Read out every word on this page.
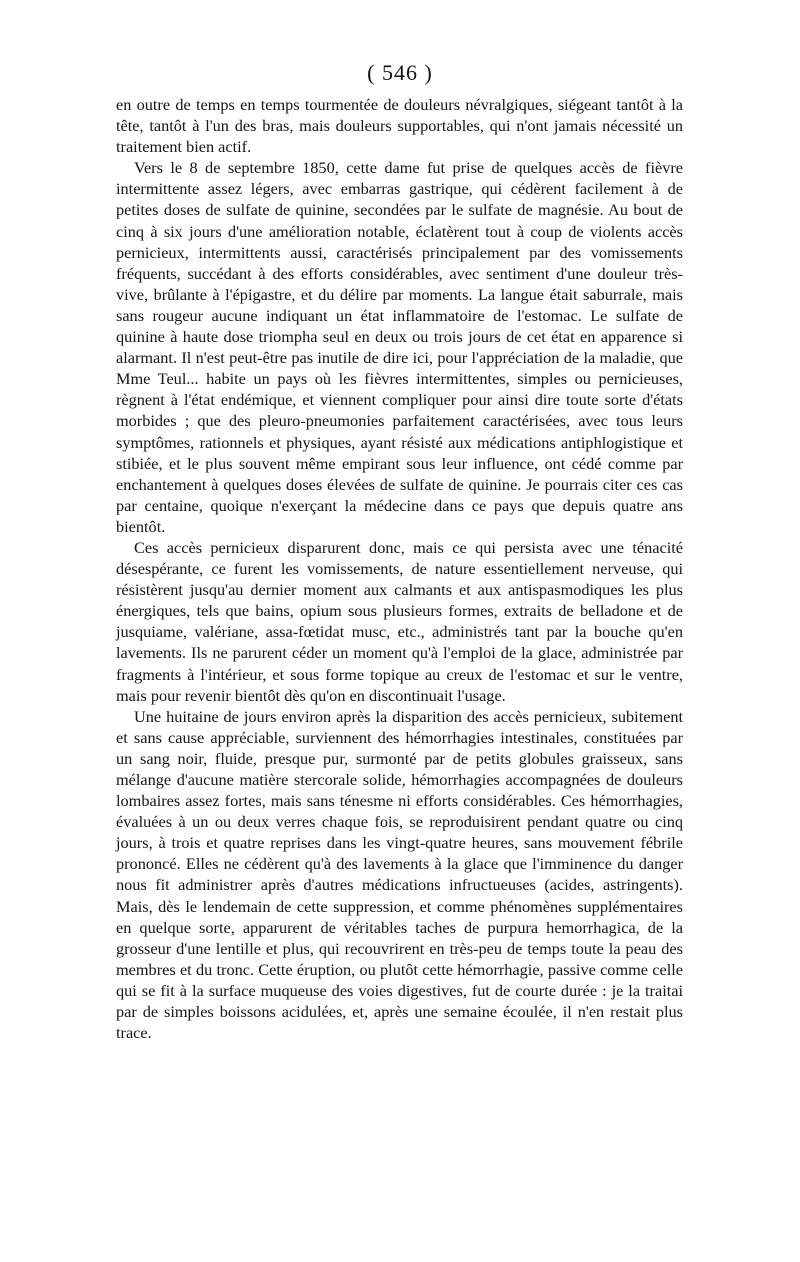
( 546 )

en outre de temps en temps tourmentée de douleurs névralgiques, siégeant tantôt à la tête, tantôt à l'un des bras, mais douleurs supportables, qui n'ont jamais nécessité un traitement bien actif.

Vers le 8 de septembre 1850, cette dame fut prise de quelques accès de fièvre intermittente assez légers, avec embarras gastrique, qui cédèrent facilement à de petites doses de sulfate de quinine, secondées par le sulfate de magnésie. Au bout de cinq à six jours d'une amélioration notable, éclatèrent tout à coup de violents accès pernicieux, intermittents aussi, caractérisés principalement par des vomissements fréquents, succédant à des efforts considérables, avec sentiment d'une douleur très-vive, brûlante à l'épigastre, et du délire par moments. La langue était saburrale, mais sans rougeur aucune indiquant un état inflammatoire de l'estomac. Le sulfate de quinine à haute dose triompha seul en deux ou trois jours de cet état en apparence si alarmant. Il n'est peut-être pas inutile de dire ici, pour l'appréciation de la maladie, que Mme Teul... habite un pays où les fièvres intermittentes, simples ou pernicieuses, règnent à l'état endémique, et viennent compliquer pour ainsi dire toute sorte d'états morbides ; que des pleuro-pneumonies parfaitement caractérisées, avec tous leurs symptômes, rationnels et physiques, ayant résisté aux médications antiphlogistique et stibiée, et le plus souvent même empirant sous leur influence, ont cédé comme par enchantement à quelques doses élevées de sulfate de quinine. Je pourrais citer ces cas par centaine, quoique n'exerçant la médecine dans ce pays que depuis quatre ans bientôt.

Ces accès pernicieux disparurent donc, mais ce qui persista avec une ténacité désespérante, ce furent les vomissements, de nature essentiellement nerveuse, qui résistèrent jusqu'au dernier moment aux calmants et aux antispasmodiques les plus énergiques, tels que bains, opium sous plusieurs formes, extraits de belladone et de jusquiame, valériane, assa-fœtidat musc, etc., administrés tant par la bouche qu'en lavements. Ils ne parurent céder un moment qu'à l'emploi de la glace, administrée par fragments à l'intérieur, et sous forme topique au creux de l'estomac et sur le ventre, mais pour revenir bientôt dès qu'on en discontinuait l'usage.

Une huitaine de jours environ après la disparition des accès pernicieux, subitement et sans cause appréciable, surviennent des hémorrhagies intestinales, constituées par un sang noir, fluide, presque pur, surmonté par de petits globules graisseux, sans mélange d'aucune matière stercorale solide, hémorrhagies accompagnées de douleurs lombaires assez fortes, mais sans ténesme ni efforts considérables. Ces hémorrhagies, évaluées à un ou deux verres chaque fois, se reproduisirent pendant quatre ou cinq jours, à trois et quatre reprises dans les vingt-quatre heures, sans mouvement fébrile prononcé. Elles ne cédèrent qu'à des lavements à la glace que l'imminence du danger nous fit administrer après d'autres médications infructueuses (acides, astringents). Mais, dès le lendemain de cette suppression, et comme phénomènes supplémentaires en quelque sorte, apparurent de véritables taches de purpura hemorrhagica, de la grosseur d'une lentille et plus, qui recouvrirent en très-peu de temps toute la peau des membres et du tronc. Cette éruption, ou plutôt cette hémorrhagie, passive comme celle qui se fit à la surface muqueuse des voies digestives, fut de courte durée : je la traitai par de simples boissons acidulées, et, après une semaine écoulée, il n'en restait plus trace.
